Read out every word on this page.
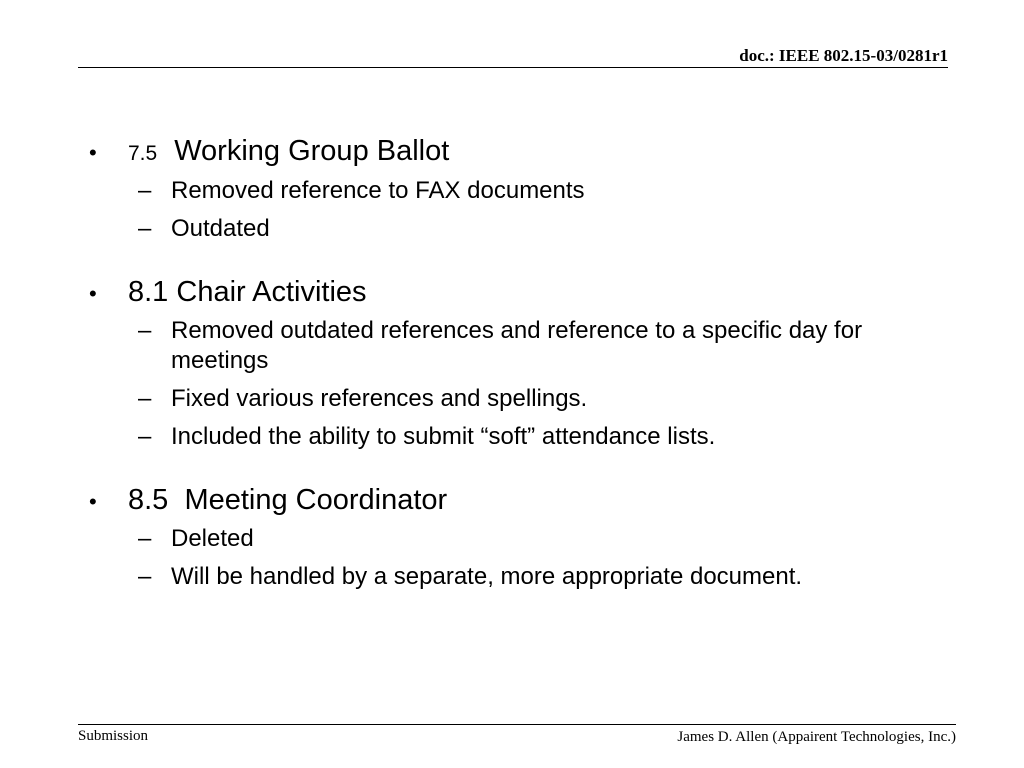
doc.: IEEE 802.15-03/0281r1
•	7.5 Working Group Ballot
– Removed reference to FAX documents
– Outdated
•	8.1
Chair Activities
– Removed outdated references and reference to a specific day for meetings
– Fixed various references and spellings.
– Included the ability to submit “soft” attendance lists.
•	8.5
Meeting Coordinator
– Deleted
– Will be handled by a separate, more appropriate document.
Submission	James D. Allen (Appairent Technologies, Inc.)
